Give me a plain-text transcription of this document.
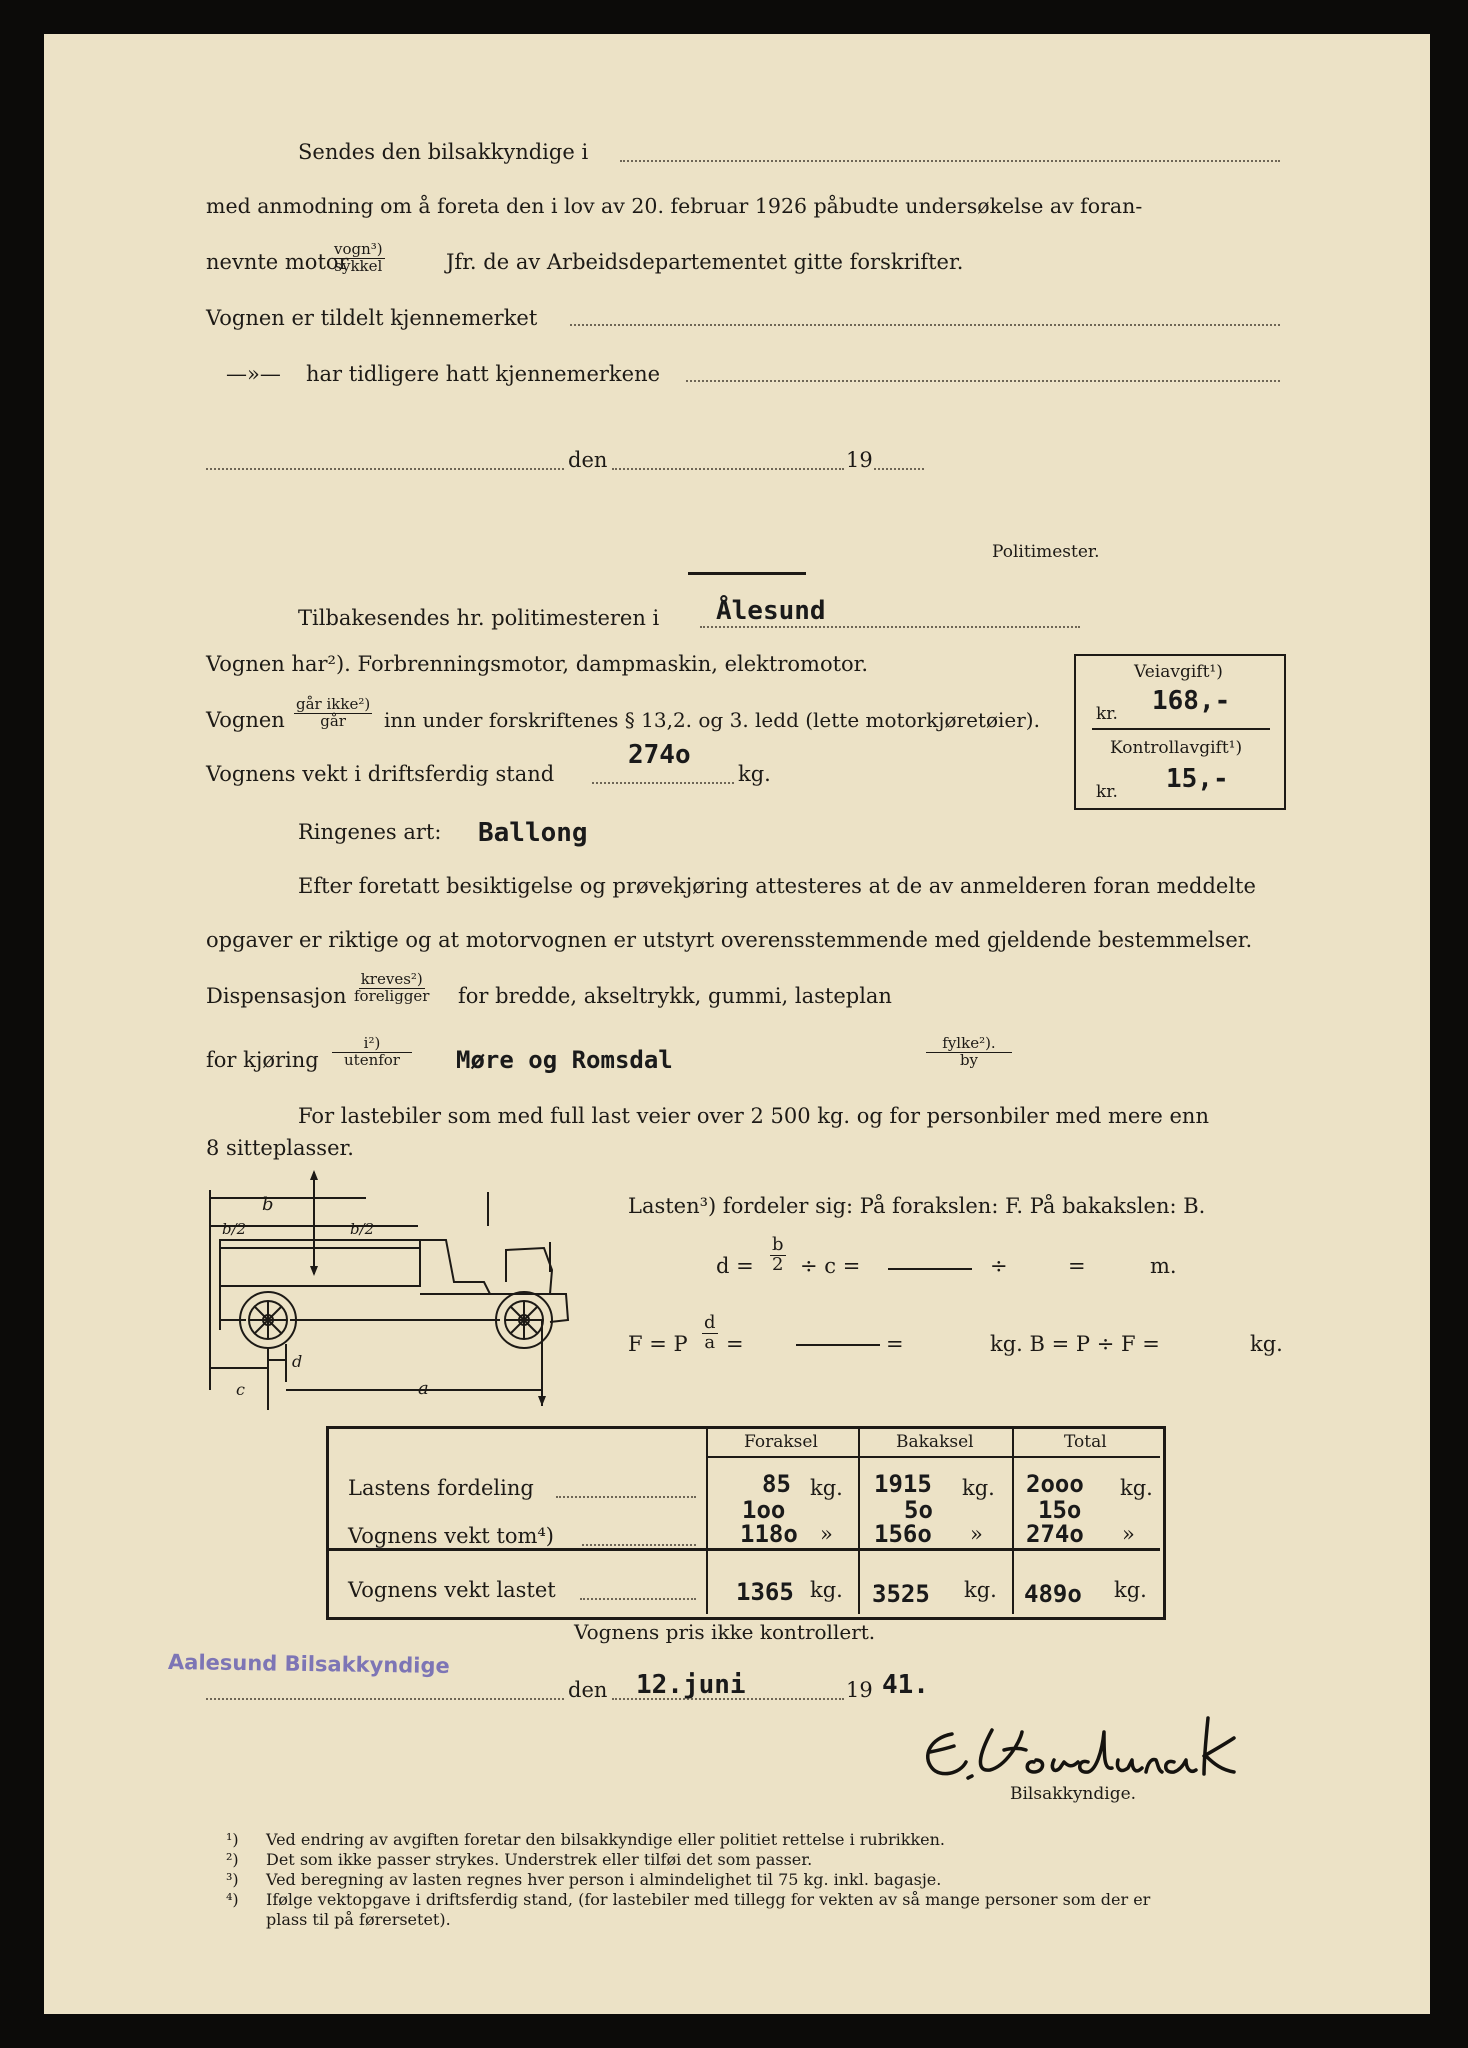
Sendes den bilsakkyndige i
med anmodning om å foreta den i lov av 20. februar 1926 påbudte undersøkelse av foran-
nevnte motor
vogn³)
sykkel	Jfr. de av Arbeidsdepartementet gitte forskrifter.
Vognen er tildelt kjennemerket
—»— har tidligere hatt kjennemerkene
den	19
Politimester.
Tilbakesendes hr. politimesteren i Ålesund
Vognen har²). Forbrenningsmotor, dampmaskin, elektromotor.
Vognen
går ikke²)
går inn under forskriftenes § 13,2. og 3. ledd (lette motorkjøretøier).
Vognens vekt i driftsferdig stand
274o
kg.
Ringenes art: Ballong
Veiavgift¹)
kr. 168,-
Kontrollavgift¹)
kr. 15,-
Efter foretatt besiktigelse og prøvekjøring attesteres at de av anmelderen foran meddelte
opgaver er riktige og at motorvognen er utstyrt overensstemmende med gjeldende bestemmelser.
Dispensasjon
kreves²)
foreligger for bredde, akseltrykk, gummi, lasteplan
for kjøring
i²)
utenfor Møre og Romsdal
fylke²).
by
For lastebiler som med full last veier over 2 500 kg. og for personbiler med mere enn
8 sitteplasser.
b
b/2	b/2
c
d
a
Lasten³) fordeler sig: På forakslen: F. På bakakslen: B.
$d = \frac{b}{2} \div c$ =	÷	=	m.
F = P $\frac{d}{a}$ =	=	kg. B = P ÷ F =	kg.
Foraksel	Bakaksel	Total
Lastens fordeling	85 kg. 1915 kg. 2ooo kg.
1oo	5o	15o
Vognens vekt tom⁴)	118o » 156o » 274o »
Vognens vekt lastet	1365 kg. 3525 kg. 489o kg.
Vognens pris ikke kontrollert.
Aalesund Bilsakkyndige
den 12.juni	19 41.
Bilsakkyndige.
¹) Ved endring av avgiften foretar den bilsakkyndige eller politiet rettelse i rubrikken.
²) Det som ikke passer strykes. Understrek eller tilføi det som passer.
³) Ved beregning av lasten regnes hver person i almindelighet til 75 kg. inkl. bagasje.
⁴) Ifølge vektopgave i driftsferdig stand, (for lastebiler med tillegg for vekten av så mange personer som der er
plass til på førersetet).
